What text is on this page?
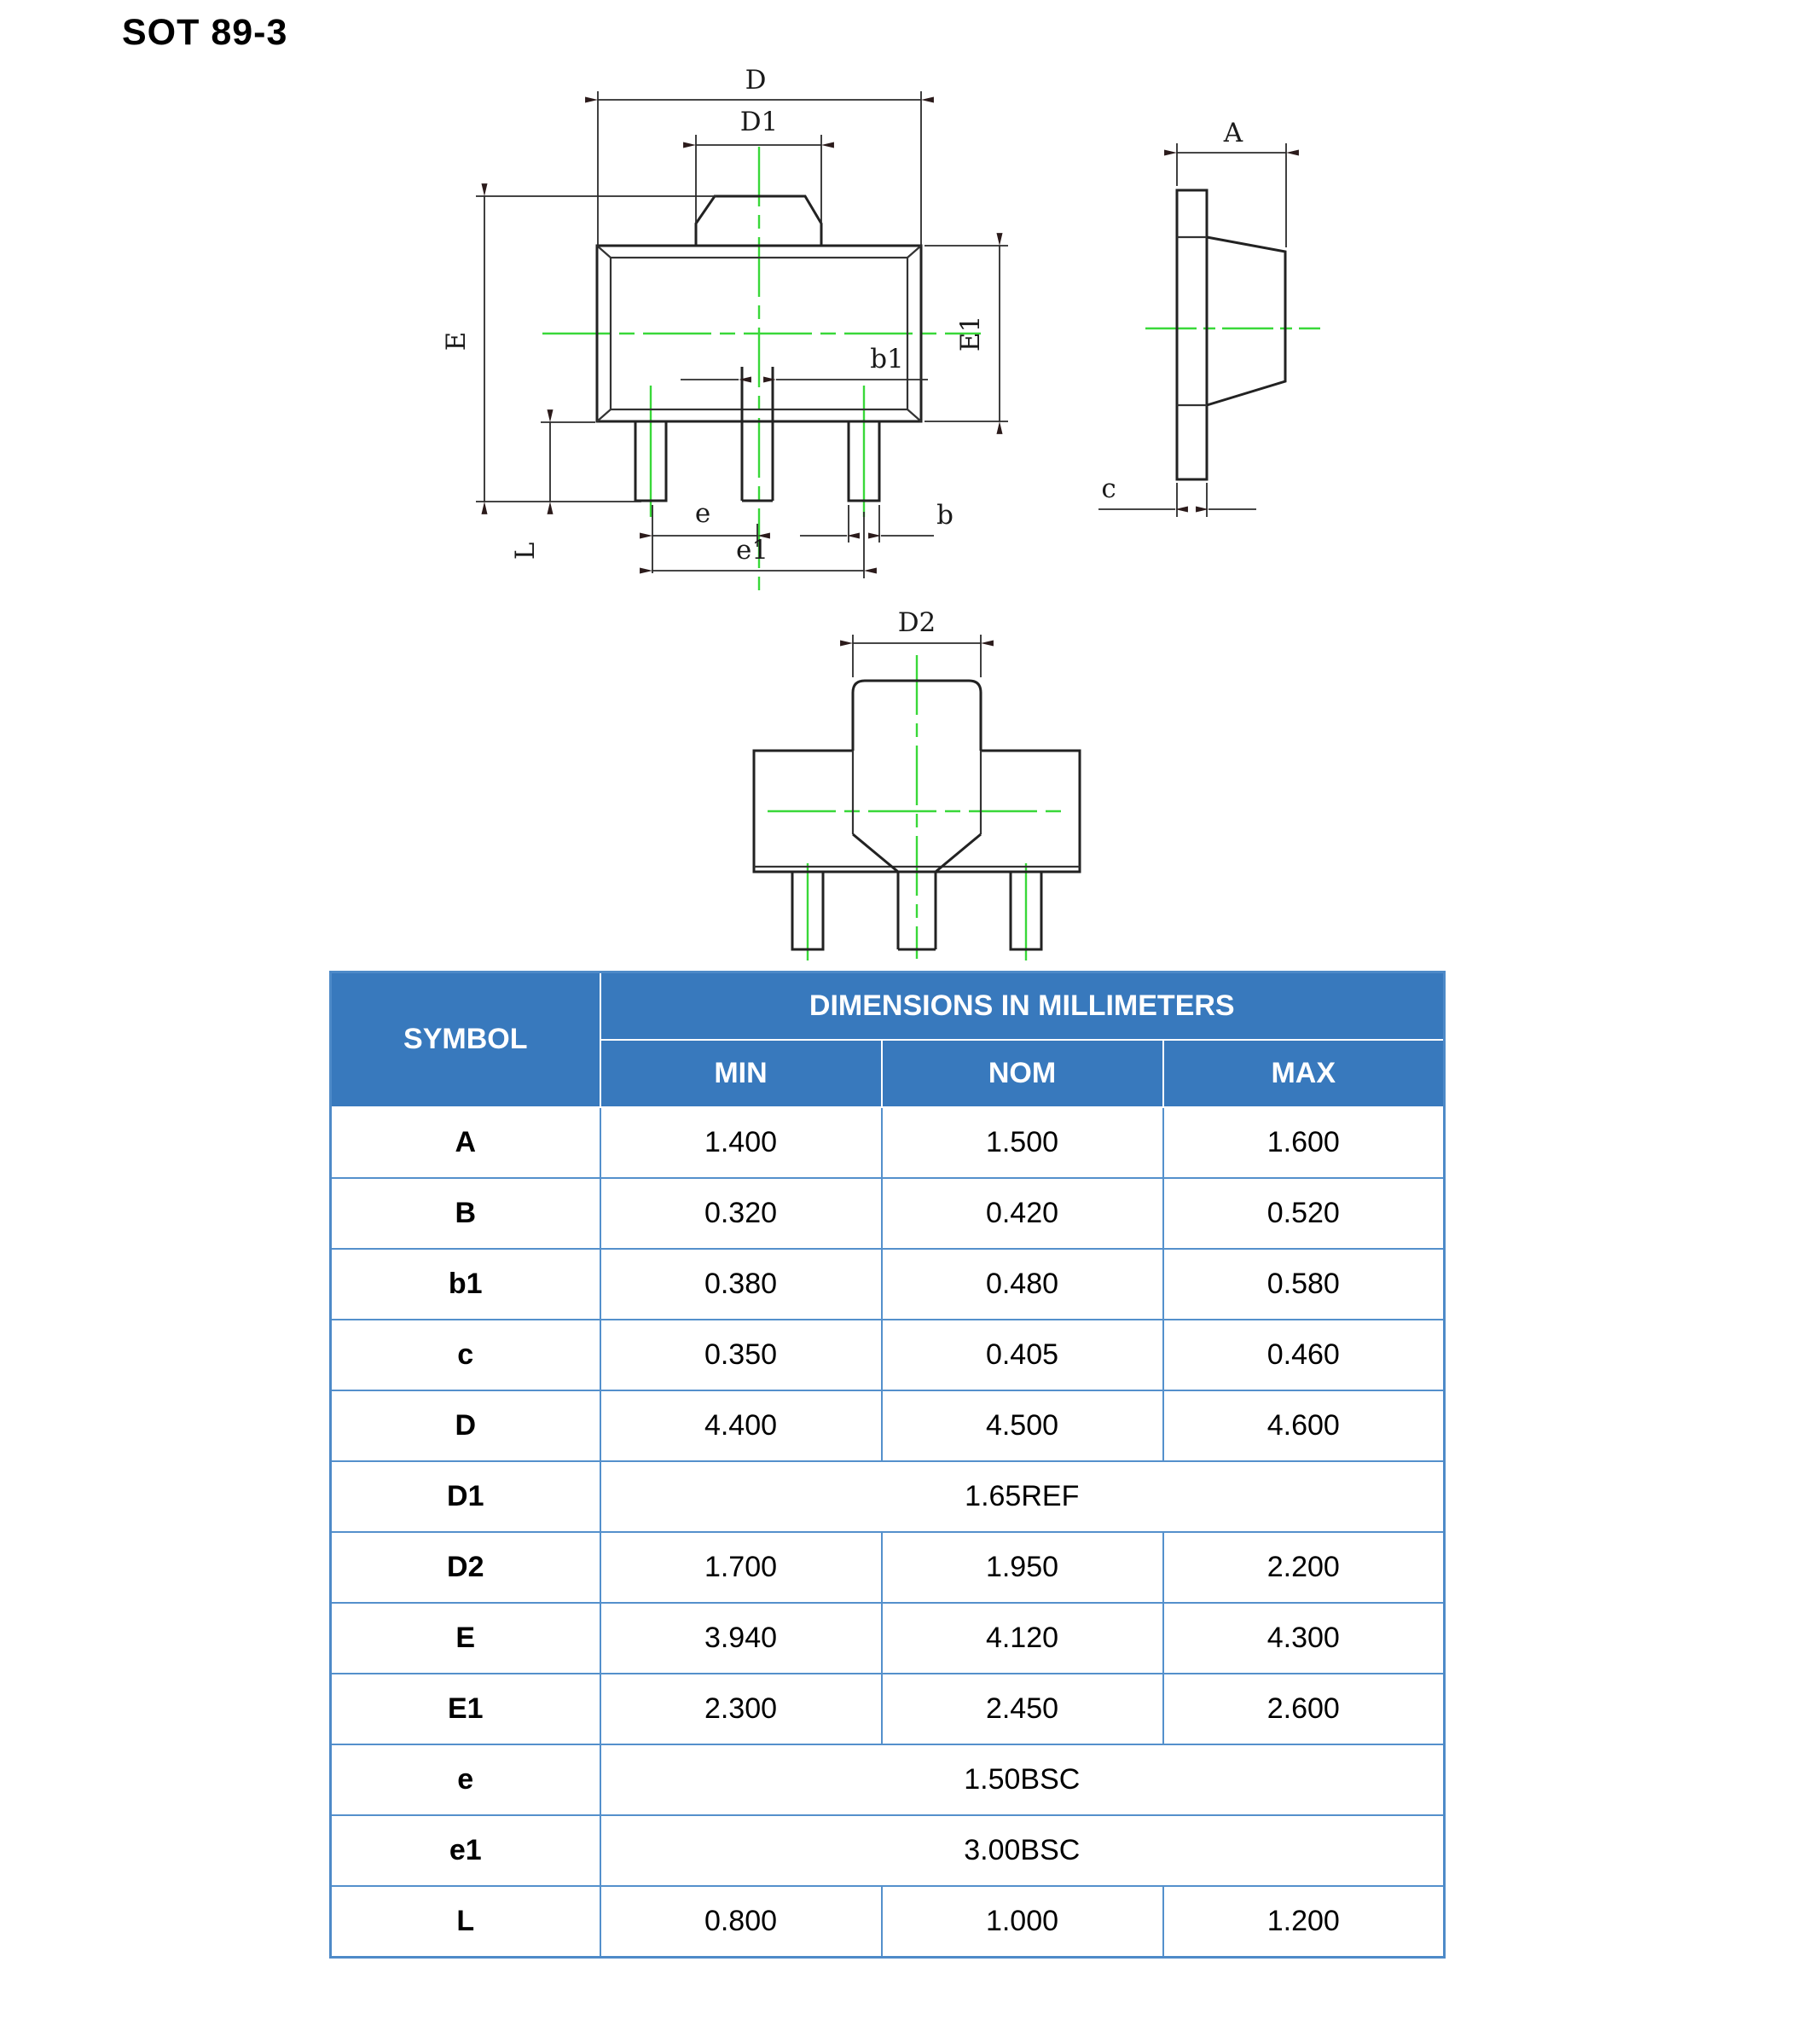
SOT 89-3
D
D1
E
L
E1
b1
e
e1
b
A
c
D2
SYMBOL	DIMENSIONS IN MILLIMETERS		
	MIN	NOM	MAX
A	1.400	1.500	1.600
B	0.320	0.420	0.520
b1	0.380	0.480	0.580
c	0.350	0.405	0.460
D	4.400	4.500	4.600
D1	1.65REF		
D2	1.700	1.950	2.200
E	3.940	4.120	4.300
E1	2.300	2.450	2.600
e	1.50BSC		
e1	3.00BSC		
L	0.800	1.000	1.200
